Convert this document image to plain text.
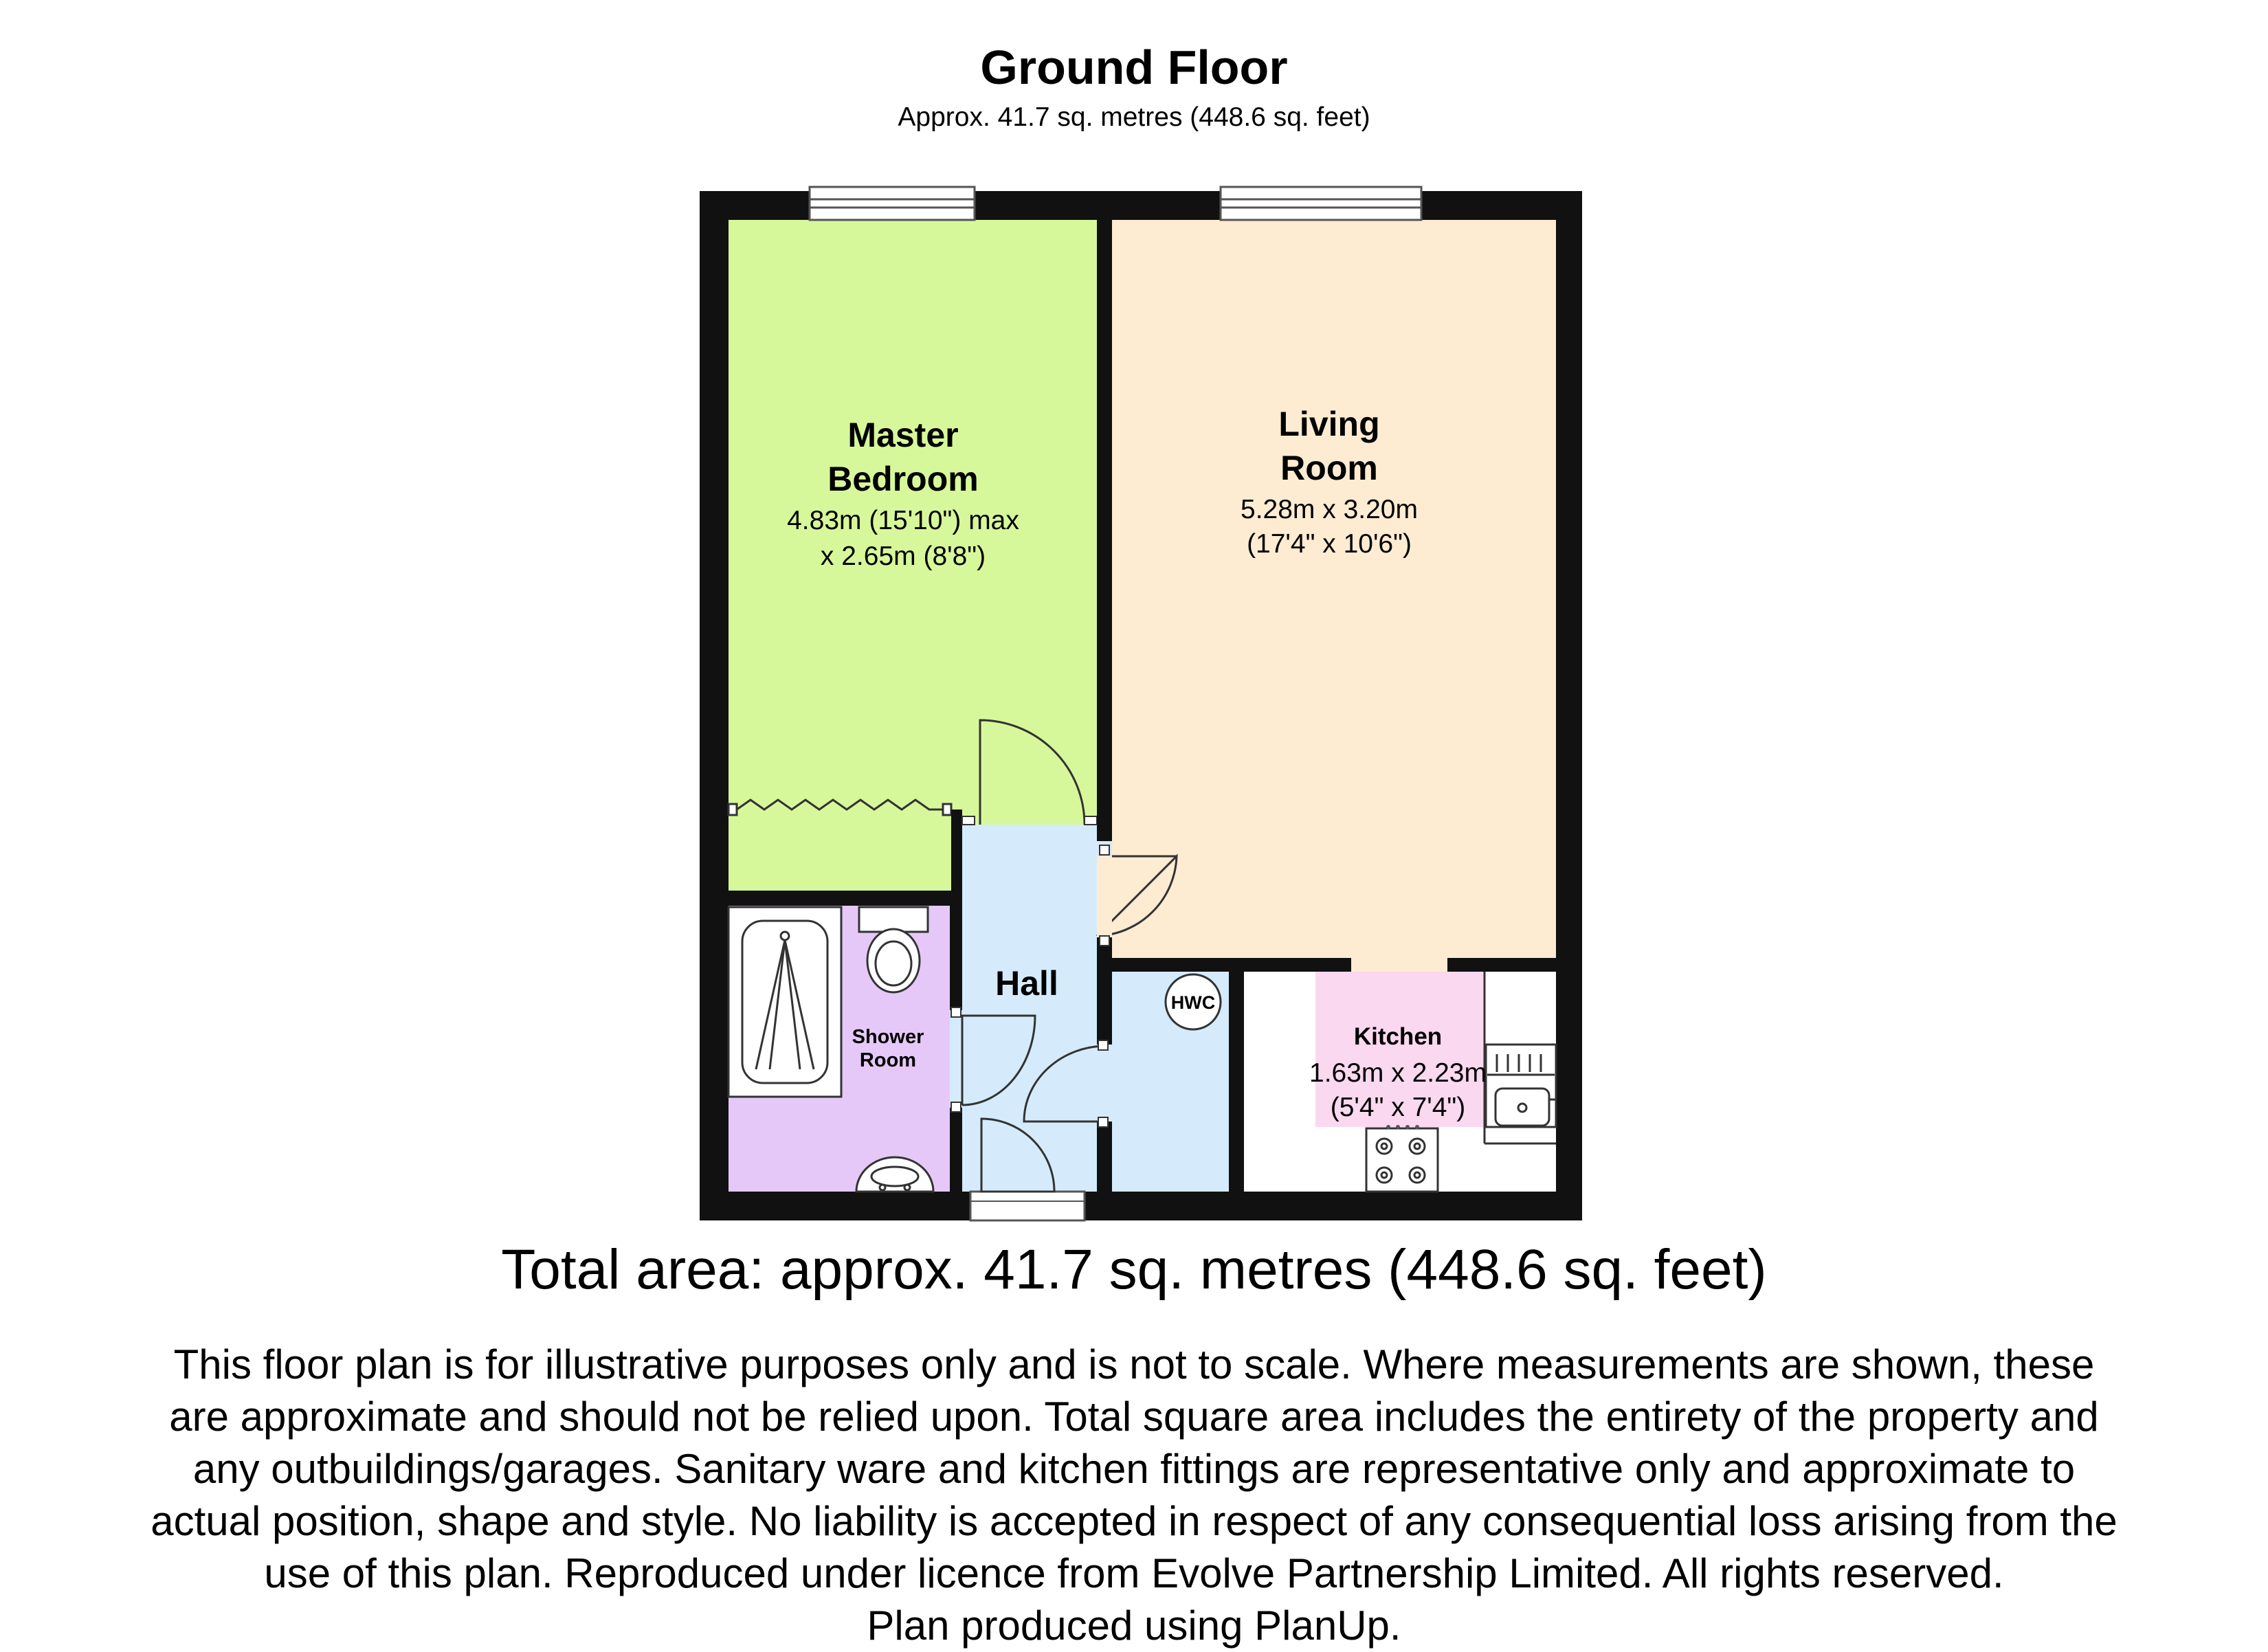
Ground Floor
Approx. 41.7 sq. metres (448.6 sq. feet)
Master
Bedroom
4.83m (15'10") max
x 2.65m (8'8")
Living
Room
5.28m x 3.20m
(17'4" x 10'6")
Hall
Shower
Room
HWC
Kitchen
1.63m x 2.23m
(5'4" x 7'4")
Total area: approx. 41.7 sq. metres (448.6 sq. feet)
This floor plan is for illustrative purposes only and is not to scale. Where measurements are shown, these
are approximate and should not be relied upon. Total square area includes the entirety of the property and
any outbuildings/garages. Sanitary ware and kitchen fittings are representative only and approximate to
actual position, shape and style. No liability is accepted in respect of any consequential loss arising from the
use of this plan. Reproduced under licence from Evolve Partnership Limited. All rights reserved.
Plan produced using PlanUp.
